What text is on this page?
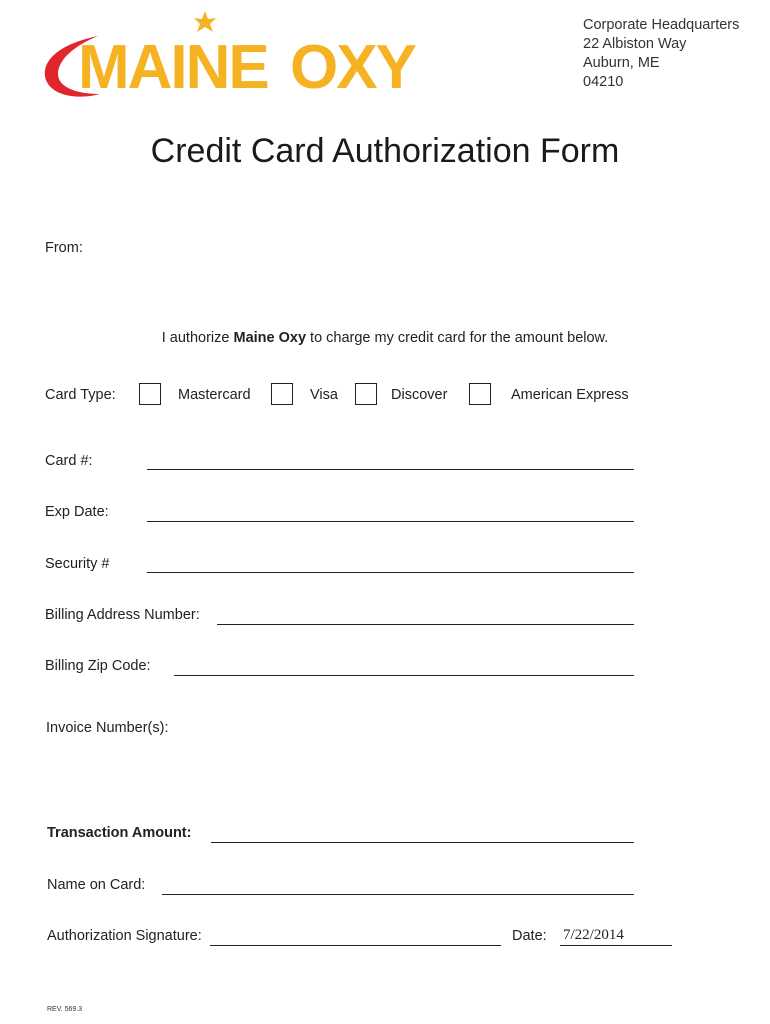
MAINE OXY
Corporate Headquarters
22 Albiston Way
Auburn, ME
04210
Credit Card Authorization Form
From:
I authorize Maine Oxy to charge my credit card for the amount below.
Card Type:	Mastercard	Visa	Discover	American Express
Card #:
Exp Date:
Security #
Billing Address Number:
Billing Zip Code:
Invoice Number(s):
Transaction Amount:
Name on Card:
Authorization Signature:	Date: 7/22/2014
REV. 569.3
